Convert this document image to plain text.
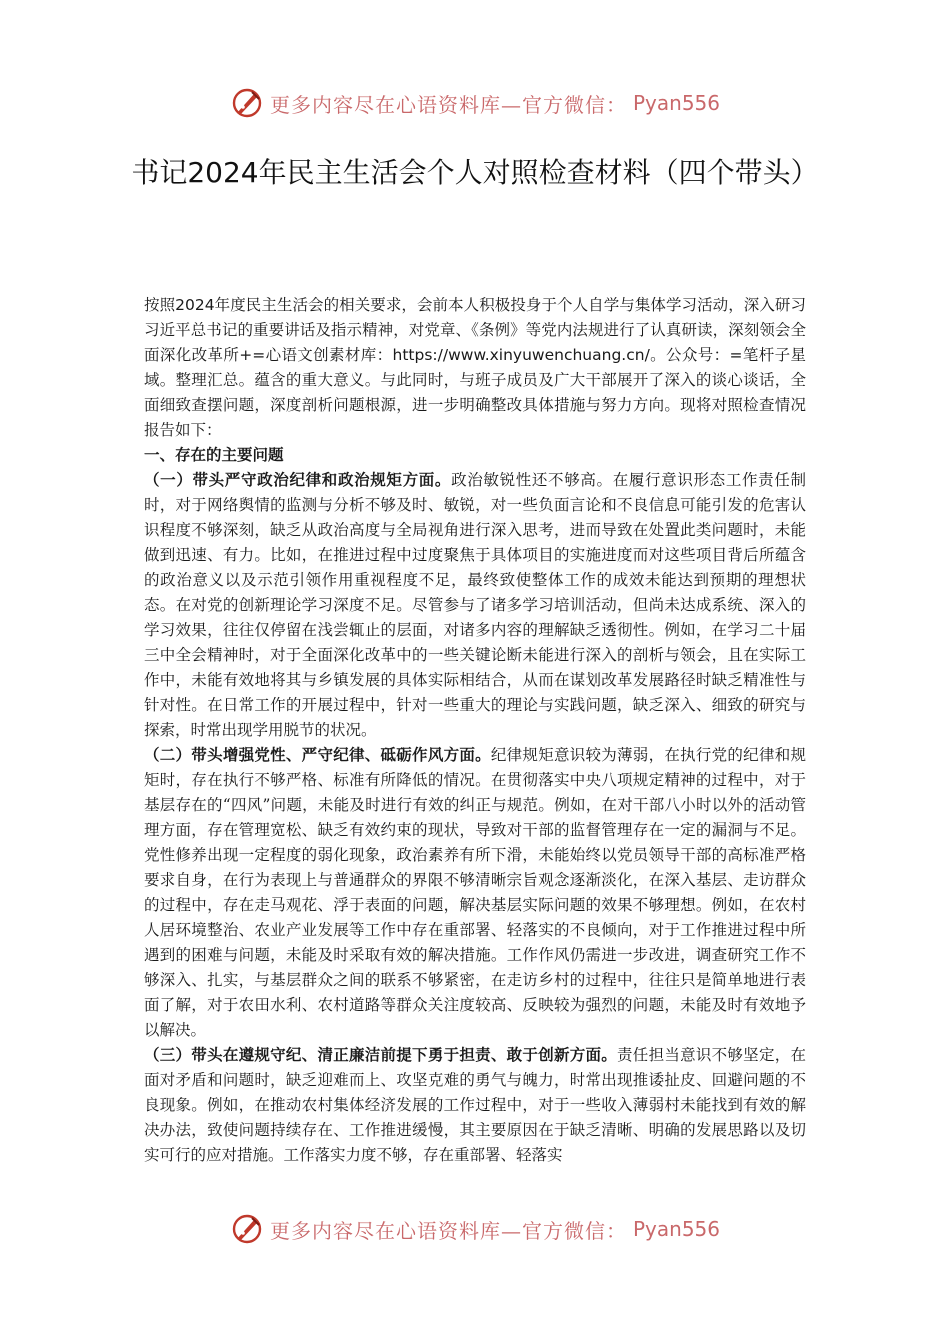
更多内容尽在心语资料库—官方微信： Pyan556
书记2024年民主生活会个人对照检查材料（四个带头）

按照2024年度民主生活会的相关要求，会前本人积极投身于个人自学与集体学习活动，深入研习习近平总书记的重要讲话及指示精神，对党章、《条例》等党内法规进行了认真研读，深刻领会全面深化改革所+=心语文创素材库：https://www.xinyuwenchuang.cn/。公众号：=笔杆子星域。整理汇总。蕴含的重大意义。与此同时，与班子成员及广大干部展开了深入的谈心谈话，全面细致查摆问题，深度剖析问题根源，进一步明确整改具体措施与努力方向。现将对照检查情况报告如下：

一、存在的主要问题

（一）带头严守政治纪律和政治规矩方面。政治敏锐性还不够高。在履行意识形态工作责任制时，对于网络舆情的监测与分析不够及时、敏锐，对一些负面言论和不良信息可能引发的危害认识程度不够深刻，缺乏从政治高度与全局视角进行深入思考，进而导致在处置此类问题时，未能做到迅速、有力。比如，在推进过程中过度聚焦于具体项目的实施进度而对这些项目背后所蕴含的政治意义以及示范引领作用重视程度不足，最终致使整体工作的成效未能达到预期的理想状态。在对党的创新理论学习深度不足。尽管参与了诸多学习培训活动，但尚未达成系统、深入的学习效果，往往仅停留在浅尝辄止的层面，对诸多内容的理解缺乏透彻性。例如，在学习二十届三中全会精神时，对于全面深化改革中的一些关键论断未能进行深入的剖析与领会，且在实际工作中，未能有效地将其与乡镇发展的具体实际相结合，从而在谋划改革发展路径时缺乏精准性与针对性。在日常工作的开展过程中，针对一些重大的理论与实践问题，缺乏深入、细致的研究与探索，时常出现学用脱节的状况。

（二）带头增强党性、严守纪律、砥砺作风方面。纪律规矩意识较为薄弱，在执行党的纪律和规矩时，存在执行不够严格、标准有所降低的情况。在贯彻落实中央八项规定精神的过程中，对于基层存在的“四风”问题，未能及时进行有效的纠正与规范。例如，在对干部八小时以外的活动管理方面，存在管理宽松、缺乏有效约束的现状，导致对干部的监督管理存在一定的漏洞与不足。党性修养出现一定程度的弱化现象，政治素养有所下滑，未能始终以党员领导干部的高标准严格要求自身，在行为表现上与普通群众的界限不够清晰宗旨观念逐渐淡化，在深入基层、走访群众的过程中，存在走马观花、浮于表面的问题，解决基层实际问题的效果不够理想。例如，在农村人居环境整治、农业产业发展等工作中存在重部署、轻落实的不良倾向，对于工作推进过程中所遇到的困难与问题，未能及时采取有效的解决措施。工作作风仍需进一步改进，调查研究工作不够深入、扎实，与基层群众之间的联系不够紧密，在走访乡村的过程中，往往只是简单地进行表面了解，对于农田水利、农村道路等群众关注度较高、反映较为强烈的问题，未能及时有效地予以解决。

（三）带头在遵规守纪、清正廉洁前提下勇于担责、敢于创新方面。责任担当意识不够坚定，在面对矛盾和问题时，缺乏迎难而上、攻坚克难的勇气与魄力，时常出现推诿扯皮、回避问题的不良现象。例如，在推动农村集体经济发展的工作过程中，对于一些收入薄弱村未能找到有效的解决办法，致使问题持续存在、工作推进缓慢，其主要原因在于缺乏清晰、明确的发展思路以及切实可行的应对措施。工作落实力度不够，存在重部署、轻落实

更多内容尽在心语资料库—官方微信： Pyan556
